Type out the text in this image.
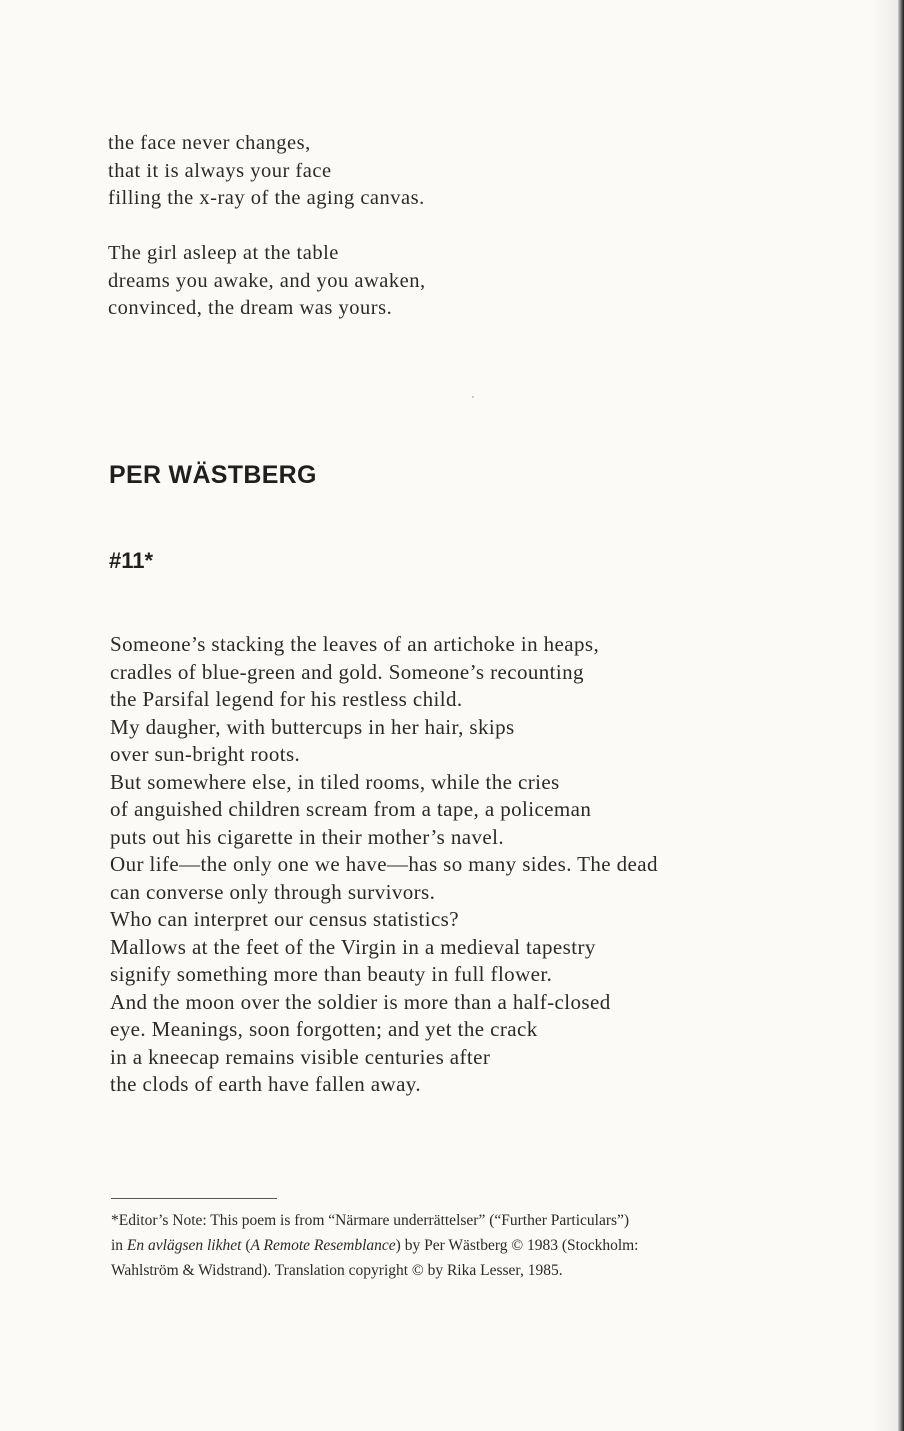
the face never changes,
that it is always your face
filling the x-ray of the aging canvas.

The girl asleep at the table
dreams you awake, and you awaken,
convinced, the dream was yours.

PER WÄSTBERG
#11*

Someone’s stacking the leaves of an artichoke in heaps,
cradles of blue-green and gold. Someone’s recounting
the Parsifal legend for his restless child.
My daugher, with buttercups in her hair, skips
over sun-bright roots.
But somewhere else, in tiled rooms, while the cries
of anguished children scream from a tape, a policeman
puts out his cigarette in their mother’s navel.
Our life—the only one we have—has so many sides. The dead
can converse only through survivors.
Who can interpret our census statistics?
Mallows at the feet of the Virgin in a medieval tapestry
signify something more than beauty in full flower.
And the moon over the soldier is more than a half-closed
eye. Meanings, soon forgotten; and yet the crack
in a kneecap remains visible centuries after
the clods of earth have fallen away.

*Editor’s Note: This poem is from “Närmare underrättelser” (“Further Particulars”)
in En avlägsen likhet (A Remote Resemblance) by Per Wästberg © 1983 (Stockholm:
Wahlström & Widstrand). Translation copyright © by Rika Lesser, 1985.
